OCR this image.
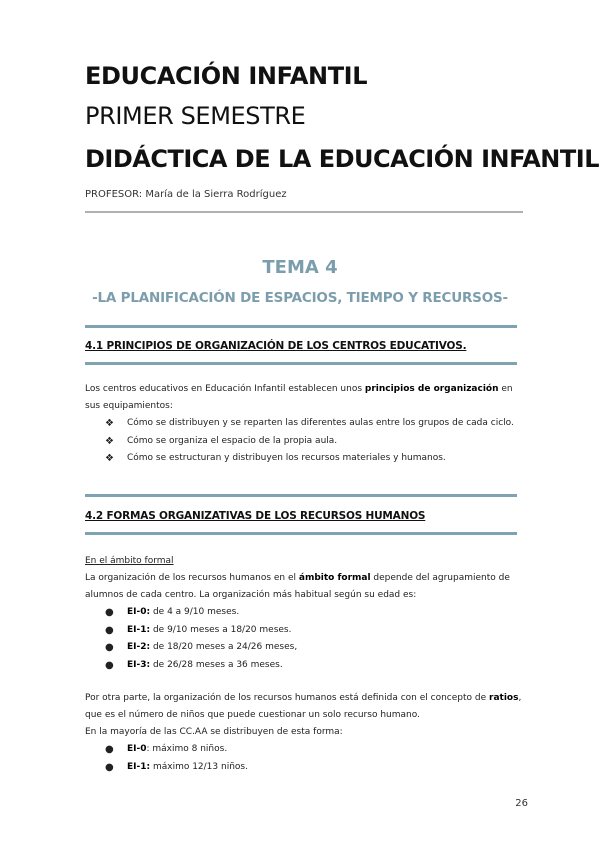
EDUCACIÓN INFANTIL
PRIMER SEMESTRE
DIDÁCTICA DE LA EDUCACIÓN INFANTIL
PROFESOR: María de la Sierra Rodríguez
TEMA 4
-LA PLANIFICACIÓN DE ESPACIOS, TIEMPO Y RECURSOS-
4.1 PRINCIPIOS DE ORGANIZACIÓN DE LOS CENTROS EDUCATIVOS.
Los centros educativos en Educación Infantil establecen unos principios de organización en sus equipamientos:
❖ Cómo se distribuyen y se reparten las diferentes aulas entre los grupos de cada ciclo.
❖ Cómo se organiza el espacio de la propia aula.
❖ Cómo se estructuran y distribuyen los recursos materiales y humanos.
4.2 FORMAS ORGANIZATIVAS DE LOS RECURSOS HUMANOS
En el ámbito formal
La organización de los recursos humanos en el ámbito formal depende del agrupamiento de alumnos de cada centro. La organización más habitual según su edad es:
● EI-0: de 4 a 9/10 meses.
● EI-1: de 9/10 meses a 18/20 meses.
● EI-2: de 18/20 meses a 24/26 meses,
● EI-3: de 26/28 meses a 36 meses.
Por otra parte, la organización de los recursos humanos está definida con el concepto de ratios, que es el número de niños que puede cuestionar un solo recurso humano.
En la mayoría de las CC.AA se distribuyen de esta forma:
● EI-0: máximo 8 niños.
● EI-1: máximo 12/13 niños.
26
